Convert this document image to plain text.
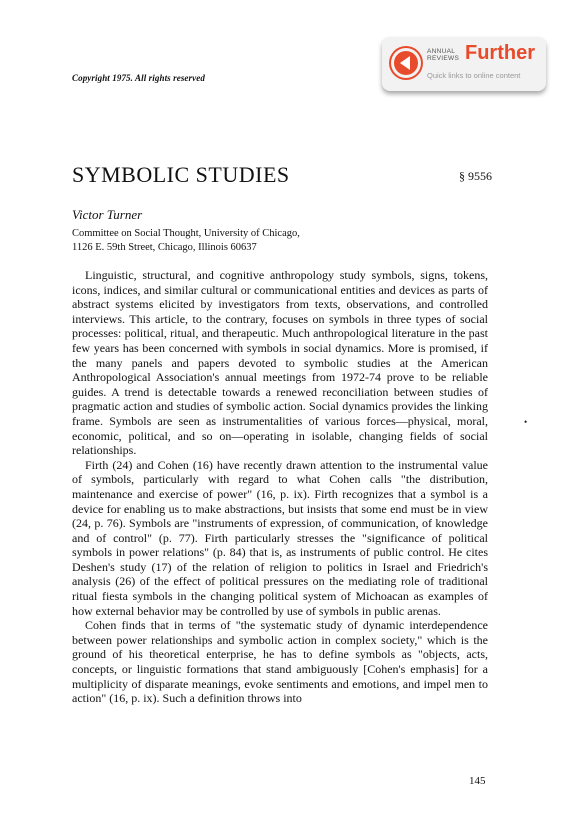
Copyright 1975. All rights reserved
ANNUAL
REVIEWS Further
Quick links to online content
SYMBOLIC STUDIES	§ 9556
Victor Turner
Committee on Social Thought, University of Chicago,
1126 E. 59th Street, Chicago, Illinois 60637

Linguistic, structural, and cognitive anthropology study symbols, signs, tokens, icons, indices, and similar cultural or communicational entities and devices as parts of abstract systems elicited by investigators from texts, observations, and controlled interviews. This article, to the contrary, focuses on symbols in three types of social processes: political, ritual, and therapeutic. Much anthropological literature in the past few years has been concerned with symbols in social dynamics. More is promised, if the many panels and papers devoted to symbolic studies at the American Anthropological Association's annual meetings from 1972-74 prove to be reliable guides. A trend is detectable towards a renewed reconciliation between studies of pragmatic action and studies of symbolic action. Social dynamics provides the linking frame. Symbols are seen as instrumentalities of various forces—physical, moral, economic, political, and so on—operating in isolable, changing fields of social relationships.

Firth (24) and Cohen (16) have recently drawn attention to the instrumental value of symbols, particularly with regard to what Cohen calls "the distribution, maintenance and exercise of power" (16, p. ix). Firth recognizes that a symbol is a device for enabling us to make abstractions, but insists that some end must be in view (24, p. 76). Symbols are "instruments of expression, of communication, of knowledge and of control" (p. 77). Firth particularly stresses the "significance of political symbols in power relations" (p. 84) that is, as instruments of public control. He cites Deshen's study (17) of the relation of religion to politics in Israel and Friedrich's analysis (26) of the effect of political pressures on the mediating role of traditional ritual fiesta symbols in the changing political system of Michoacan as examples of how external behavior may be controlled by use of symbols in public arenas.

Cohen finds that in terms of "the systematic study of dynamic interdependence between power relationships and symbolic action in complex society," which is the ground of his theoretical enterprise, he has to define symbols as "objects, acts, concepts, or linguistic formations that stand ambiguously [Cohen's emphasis] for a multiplicity of disparate meanings, evoke sentiments and emotions, and impel men to action" (16, p. ix). Such a definition throws into

•
145
